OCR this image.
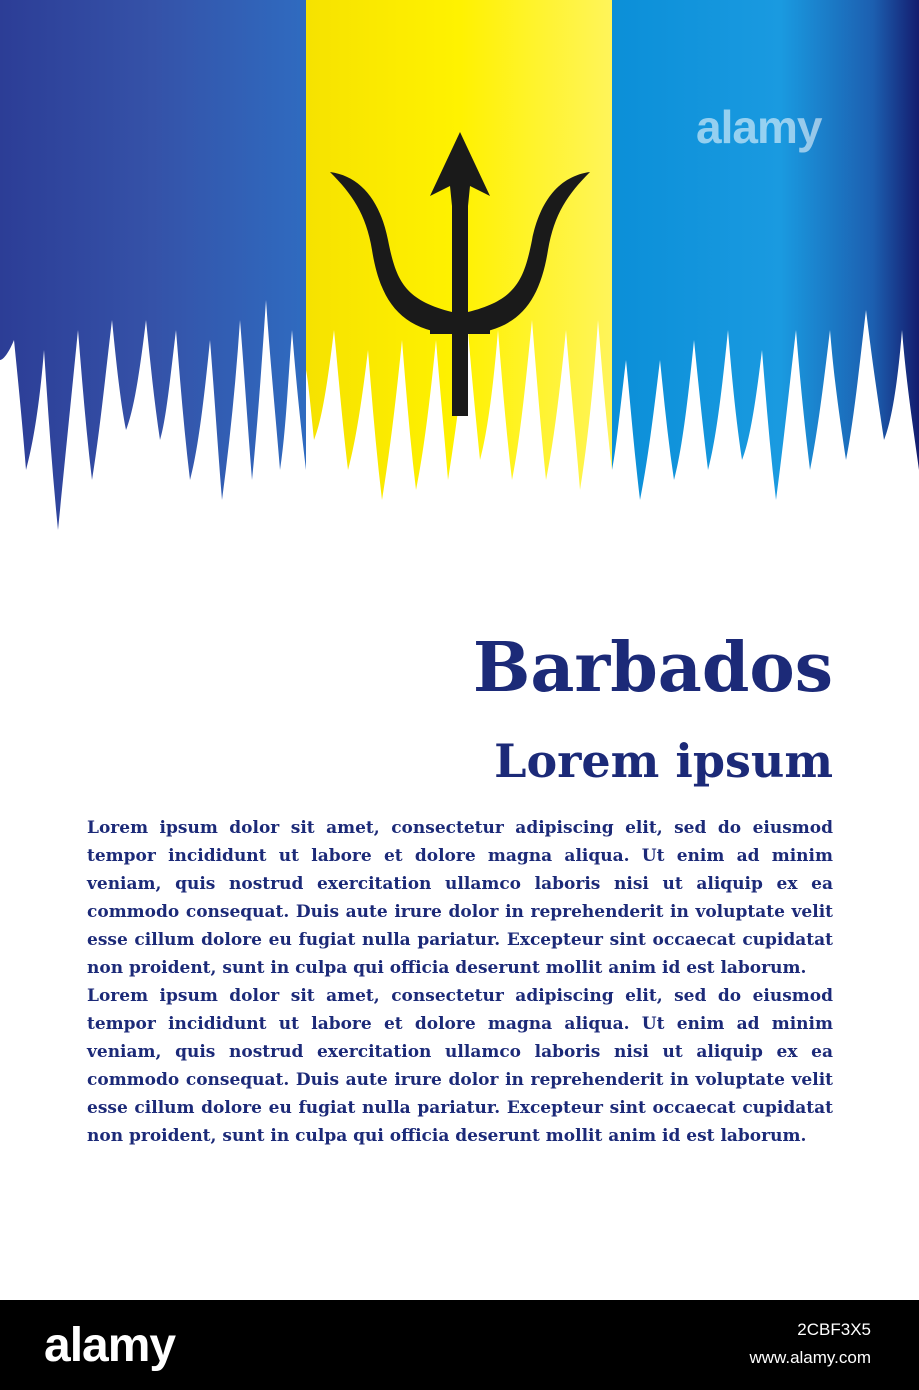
alamy
Barbados
Lorem ipsum

Lorem ipsum dolor sit amet, consectetur adipiscing elit, sed do eiusmod tempor incididunt ut labore et dolore magna aliqua. Ut enim ad minim veniam, quis nostrud exercitation ullamco laboris nisi ut aliquip ex ea commodo consequat. Duis aute irure dolor in reprehenderit in voluptate velit esse cillum dolore eu fugiat nulla pariatur. Excepteur sint occaecat cupidatat non proident, sunt in culpa qui officia deserunt mollit anim id est laborum.

Lorem ipsum dolor sit amet, consectetur adipiscing elit, sed do eiusmod tempor incididunt ut labore et dolore magna aliqua. Ut enim ad minim veniam, quis nostrud exercitation ullamco laboris nisi ut aliquip ex ea commodo consequat. Duis aute irure dolor in reprehenderit in voluptate velit esse cillum dolore eu fugiat nulla pariatur. Excepteur sint occaecat cupidatat non proident, sunt in culpa qui officia deserunt mollit anim id est laborum.

alamy	2CBF3X5
www.alamy.com
